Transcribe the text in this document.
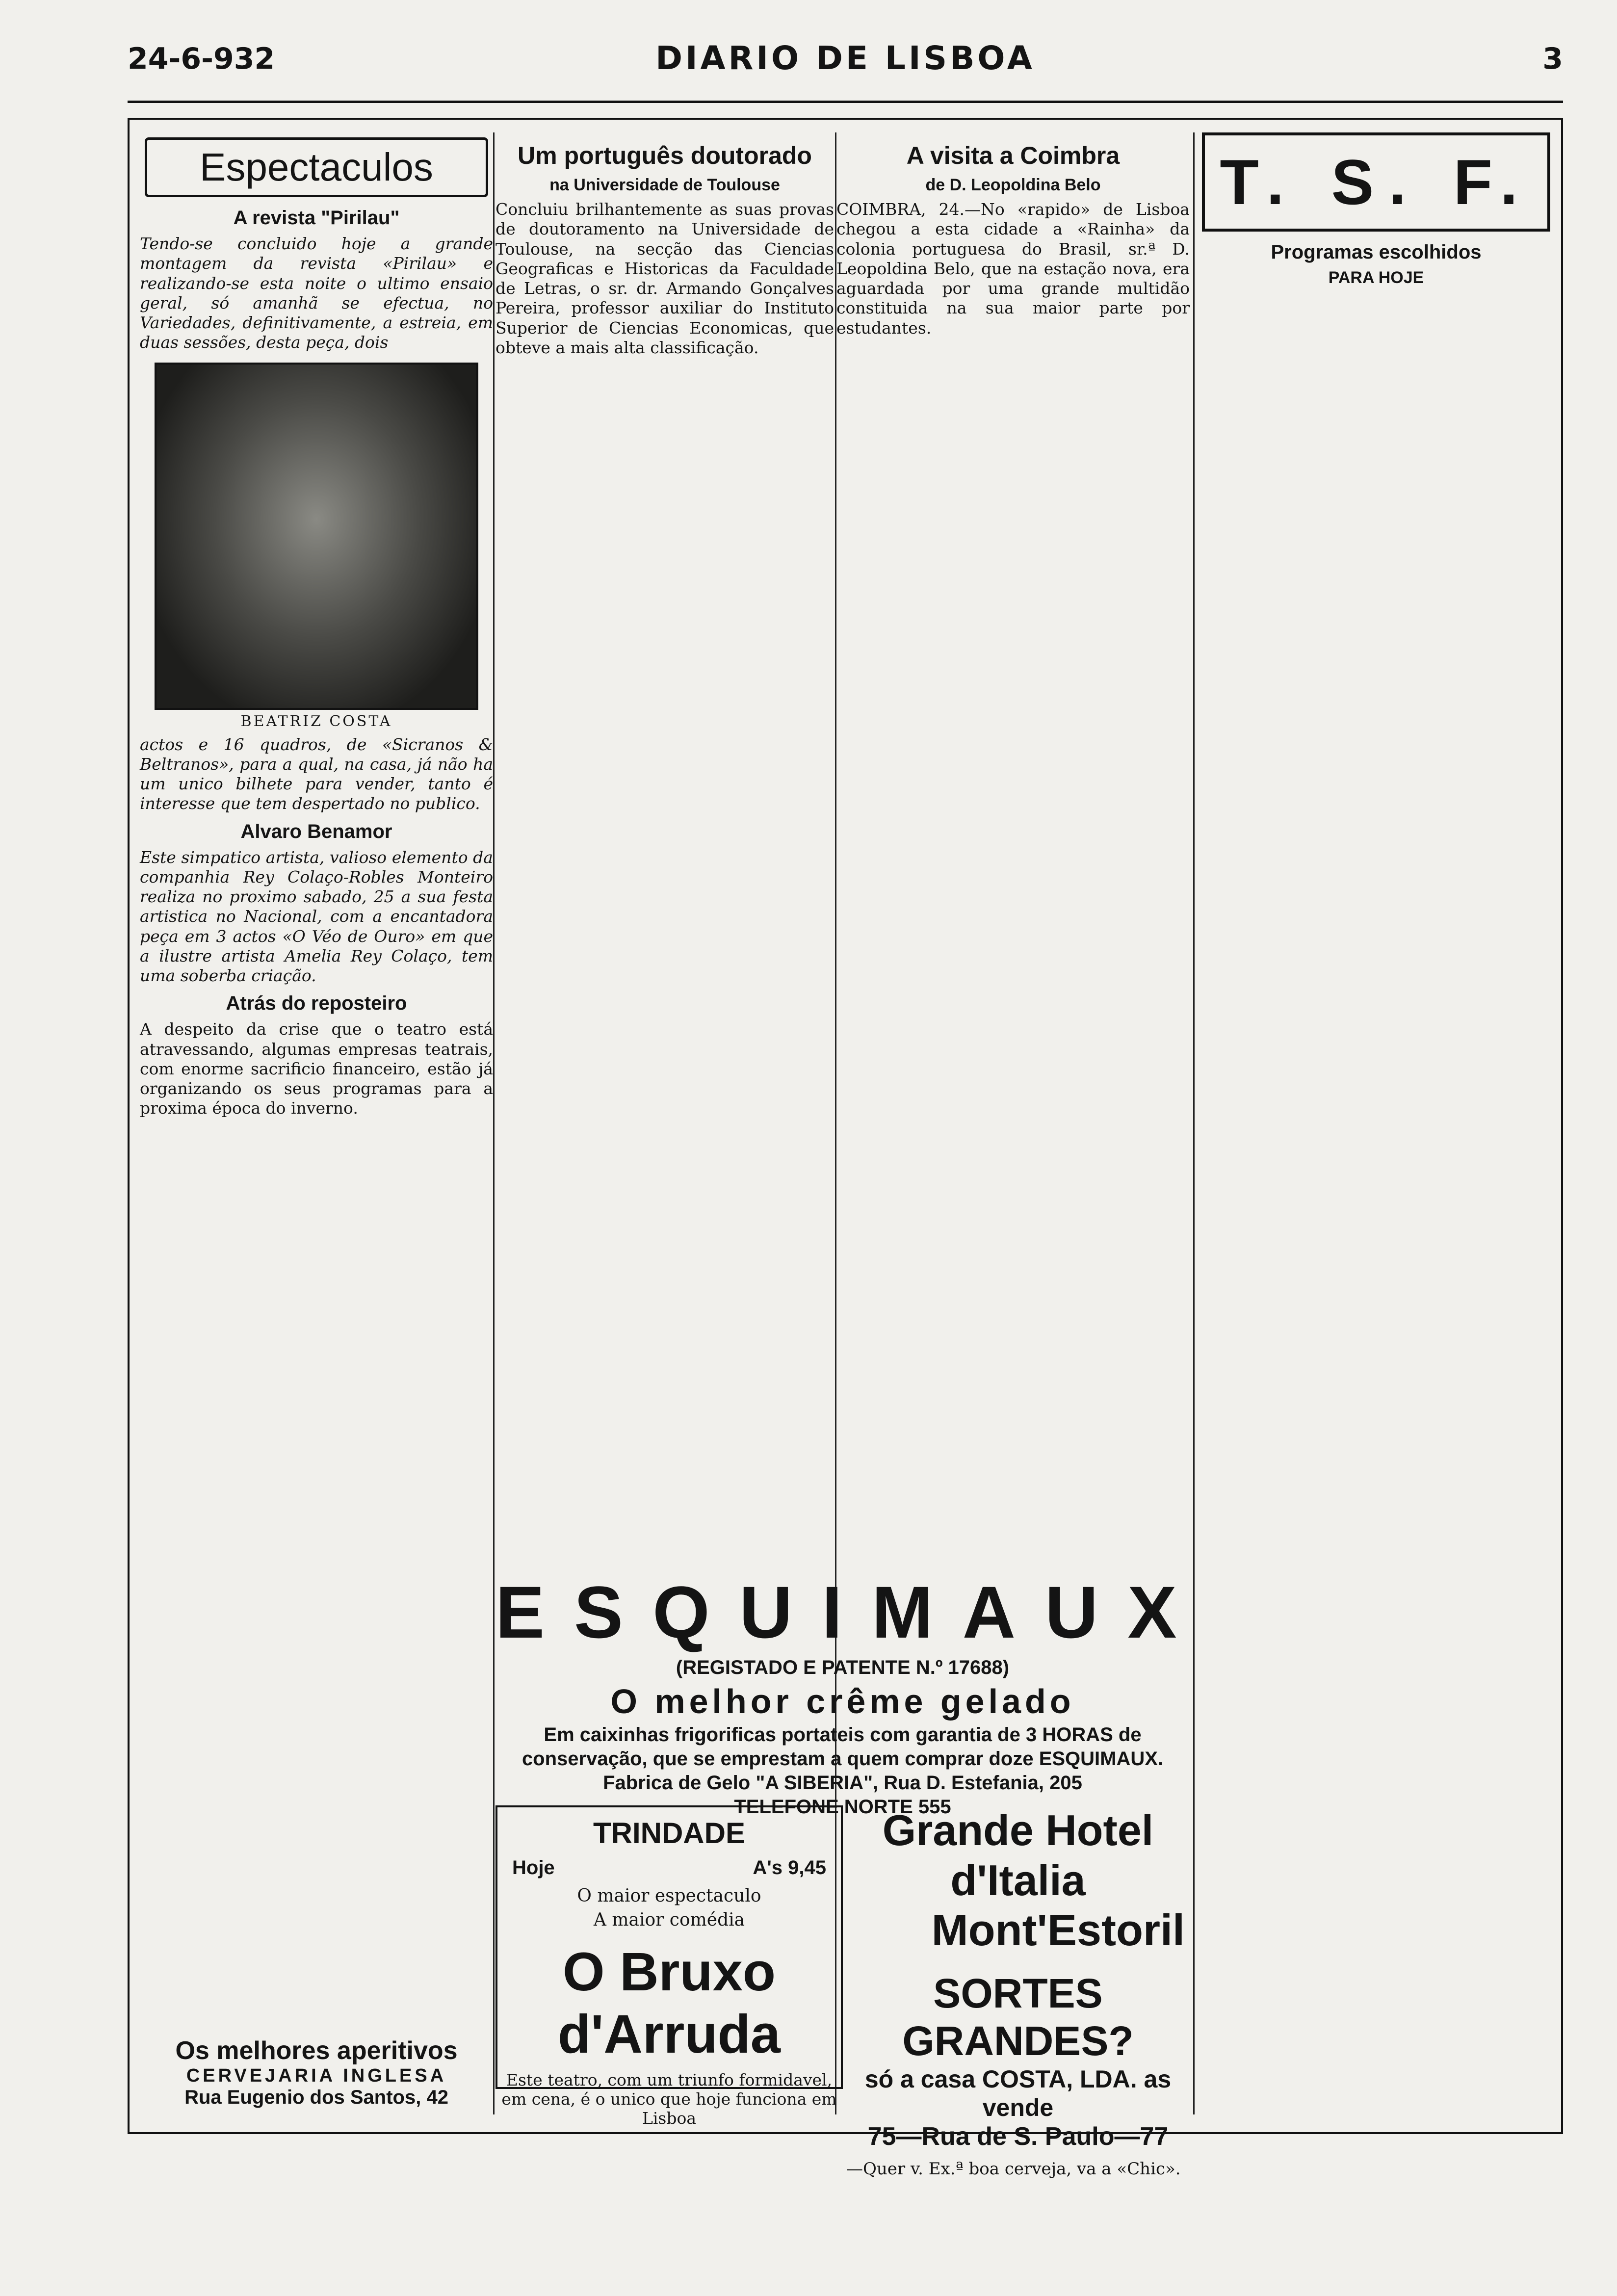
24-6-932	DIARIO DE LISBOA	3
Espectaculos
A revista "Pirilau"

Tendo-se concluido hoje a grande montagem da revista «Pirilau» e realizando-se esta noite o ultimo ensaio geral, só amanhã se efectua, no Variedades, definitivamente, a estreia, em duas sessões, desta peça, dois

BEATRIZ COSTA

actos e 16 quadros, de «Sicranos & Beltranos», para a qual, na casa, já não ha um unico bilhete para vender, tanto é interesse que tem despertado no publico.

Alvaro Benamor

Este simpatico artista, valioso elemento da companhia Rey Colaço-Robles Monteiro realiza no proximo sabado, 25 a sua festa artistica no Nacional, com a encantadora peça em 3 actos «O Véo de Ouro» em que a ilustre artista Amelia Rey Colaço, tem uma soberba criação.

Atrás do reposteiro

A despeito da crise que o teatro está atravessando, algumas empresas teatrais, com enorme sacrificio financeiro, estão já organizando os seus programas para a proxima época do inverno.

Um português doutorado
na Universidade de Toulouse

Concluiu brilhantemente as suas provas de doutoramento na Universidade de Toulouse, na secção das Ciencias Geograficas e Historicas da Faculdade de Letras, o sr. dr. Armando Gonçalves Pereira, professor auxiliar do Instituto Superior de Ciencias Economicas, que obteve a mais alta classificação.

A visita a Coimbra
de D. Leopoldina Belo

COIMBRA, 24.—No «rapido» de Lisboa chegou a esta cidade a «Rainha» da colonia portuguesa do Brasil, sr.ª D. Leopoldina Belo, que na estação nova, era aguardada por uma grande multidão constituida na sua maior parte por estudantes.

T. S. F.
Programas escolhidos
PARA HOJE
ESQUIMAUX
(REGISTADO E PATENTE N.º 17688)
O melhor crême gelado
Em caixinhas frigorificas portateis com garantia de 3 HORAS de
conservação, que se emprestam a quem comprar doze ESQUIMAUX.
Fabrica de Gelo "A SIBERIA", Rua D. Estefania, 205
TELEFONE NORTE 555
TRINDADE
Hoje	A's 9,45
O maior espectaculo
A maior comédia
O Bruxo d'Arruda
Este teatro, com um triunfo formidavel, em cena, é o unico que hoje funciona em Lisboa
Grande Hotel d'Italia
Mont'Estoril
SORTES GRANDES?
só a casa COSTA, LDA. as vende
75—Rua de S. Paulo—77
—Quer v. Ex.ª boa cerveja, va a «Chic».
Os melhores aperitivos
CERVEJARIA INGLESA
Rua Eugenio dos Santos, 42
